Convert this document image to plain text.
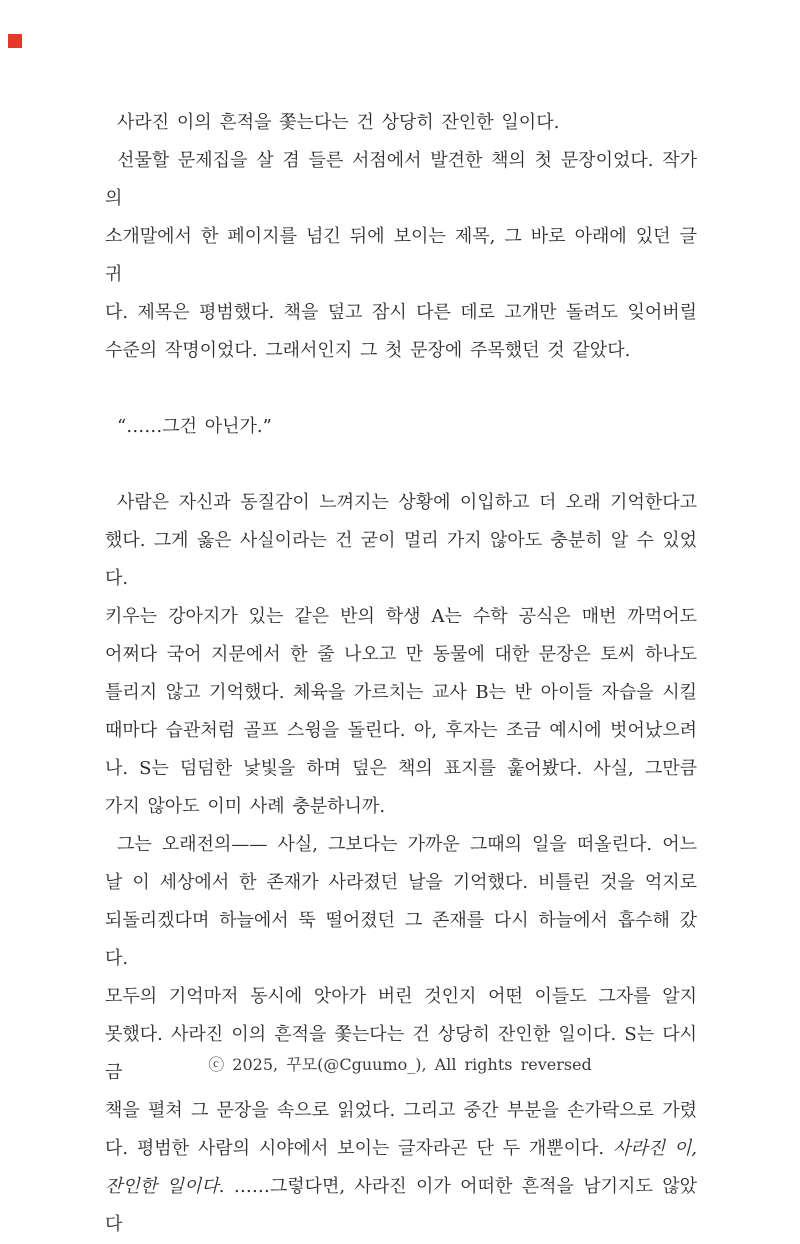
사라진 이의 흔적을 쫓는다는 건 상당히 잔인한 일이다.
선물할 문제집을 살 겸 들른 서점에서 발견한 책의 첫 문장이었다. 작가의
소개말에서 한 페이지를 넘긴 뒤에 보이는 제목, 그 바로 아래에 있던 글귀
다. 제목은 평범했다. 책을 덮고 잠시 다른 데로 고개만 돌려도 잊어버릴
수준의 작명이었다. 그래서인지 그 첫 문장에 주목했던 것 같았다.
“……그건 아닌가.”
사람은 자신과 동질감이 느껴지는 상황에 이입하고 더 오래 기억한다고
했다. 그게 옳은 사실이라는 건 굳이 멀리 가지 않아도 충분히 알 수 있었다.
키우는 강아지가 있는 같은 반의 학생 A는 수학 공식은 매번 까먹어도
어쩌다 국어 지문에서 한 줄 나오고 만 동물에 대한 문장은 토씨 하나도
틀리지 않고 기억했다. 체육을 가르치는 교사 B는 반 아이들 자습을 시킬
때마다 습관처럼 골프 스윙을 돌린다. 아, 후자는 조금 예시에 벗어났으려
나. S는 덤덤한 낯빛을 하며 덮은 책의 표지를 훑어봤다. 사실, 그만큼
가지 않아도 이미 사례 충분하니까.
그는 오래전의—— 사실, 그보다는 가까운 그때의 일을 떠올린다. 어느
날 이 세상에서 한 존재가 사라졌던 날을 기억했다. 비틀린 것을 억지로
되돌리겠다며 하늘에서 뚝 떨어졌던 그 존재를 다시 하늘에서 흡수해 갔다.
모두의 기억마저 동시에 앗아가 버린 것인지 어떤 이들도 그자를 알지
못했다. 사라진 이의 흔적을 쫓는다는 건 상당히 잔인한 일이다. S는 다시금
책을 펼쳐 그 문장을 속으로 읽었다. 그리고 중간 부분을 손가락으로 가렸
다. 평범한 사람의 시야에서 보이는 글자라곤 단 두 개뿐이다. 사라진 이,
잔인한 일이다. ……그렇다면, 사라진 이가 어떠한 흔적을 남기지도 않았다
ⓒ 2025, 꾸모(@Cguumo_), All rights reversed
